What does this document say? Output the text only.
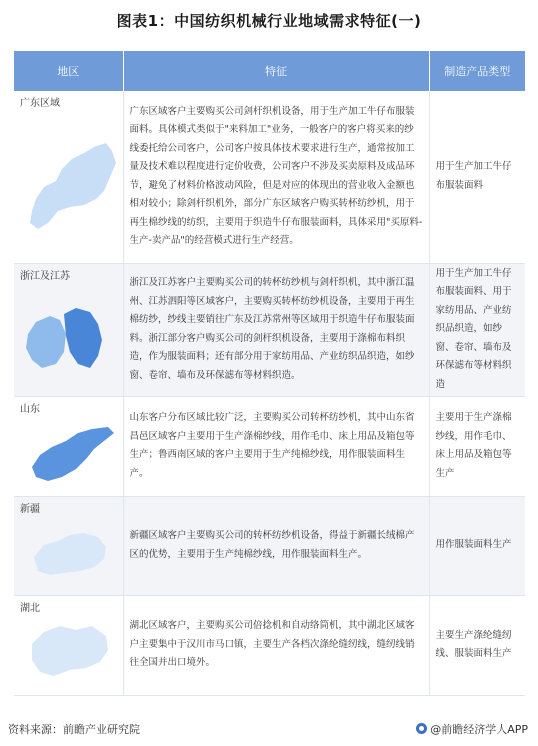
图表1：中国纺织机械行业地域需求特征(一)
地区	特征	制造产品类型

广东区域	广东区域客户主要购买公司剑杆织机设备，用于生产加工牛仔布服装面料。具体模式类似于"来料加工"业务，一般客户的客户将买来的纱线委托给公司客户，公司客户按具体技术要求进行生产，通常按加工量及技术难以程度进行定价收费，公司客户不涉及买卖原料及成品环节，避免了材料价格波动风险，但是对应的体现出的营业收入金额也相对较小；除剑杆织机外，部分广东区域客户购买转杯纺纱机，用于再生棉纱线的纺织，主要用于织造牛仔布服装面料，具体采用"买原料-生产-卖产品"的经营模式进行生产经营。	用于生产加工牛仔布服装面料

浙江及江苏	浙江及江苏客户主要购买公司的转杯纺纱机与剑杆织机，其中浙江温州、江苏泗阳等区域客户，主要购买转杯纺纱机设备，主要用于再生棉纺纱，纱线主要销往广东及江苏常州等区域用于织造牛仔布服装面料。浙江部分客户购买公司的剑杆织机设备，主要用于涤棉布料织造，作为服装面料；还有部分用于家纺用品、产业纺织品织造，如纱窗、卷帘、墙布及环保滤布等材料织造。	用于生产加工牛仔布服装面料、用于家纺用品、产业纺织品织造，如纱窗、卷帘、墙布及环保滤布等材料织造

山东	山东客户分布区域比较广泛，主要购买公司转杯纺纱机，其中山东省昌邑区域客户主要用于生产涤棉纱线，用作毛巾、床上用品及箱包等生产；鲁西南区域的客户主要用于生产纯棉纱线，用作服装面料生产。	主要用于生产涤棉纱线，用作毛巾、床上用品及箱包等生产

新疆	新疆区域客户主要购买公司的转杯纺纱机设备，得益于新疆长绒棉产区的优势，主要用于生产纯棉纱线，用作服装面料生产。	用作服装面料生产

湖北	湖北区域客户，主要购买公司倍捻机和自动络筒机，其中湖北区域客户主要集中于汉川市马口镇，主要生产各档次涤纶缝纫线，缝纫线销往全国并出口境外。	主要生产涤纶缝纫线、服装面料生产
资料来源：前瞻产业研究院	@前瞻经济学人APP
